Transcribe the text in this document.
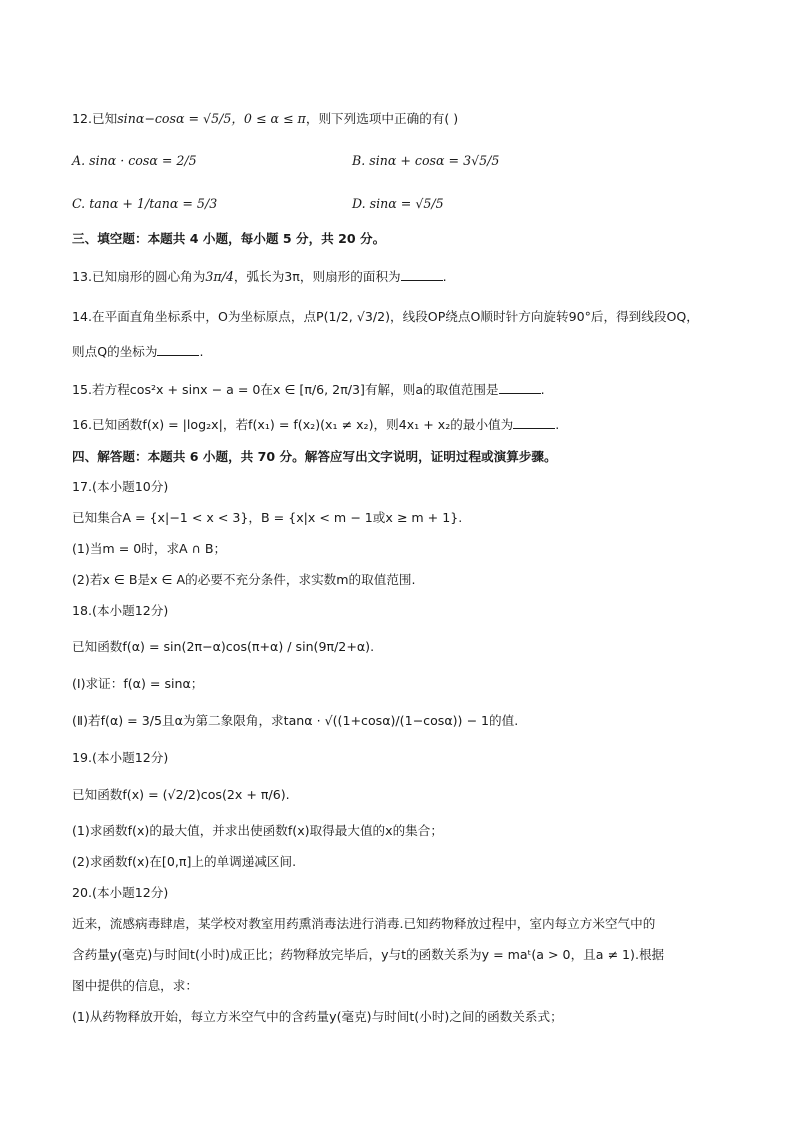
12.已知sinα−cosα = √5/5，0 ≤ α ≤ π，则下列选项中正确的有( )
A. sinα · cosα = 2/5	B. sinα + cosα = 3√5/5
C. tanα + 1/tanα = 5/3	D. sinα = √5/5
三、填空题：本题共 4 小题，每小题 5 分，共 20 分。
13.已知扇形的圆心角为3π/4，弧长为3π，则扇形的面积为	.
14.在平面直角坐标系中，O为坐标原点，点P(1/2, √3/2)，线段OP绕点O顺时针方向旋转90°后，得到线段OQ，
则点Q的坐标为	.
15.若方程cos²x + sinx − a = 0在x ∈ [π/6, 2π/3]有解，则a的取值范围是	.
16.已知函数f(x) = |log₂x|，若f(x₁) = f(x₂)(x₁ ≠ x₂)，则4x₁ + x₂的最小值为	.
四、解答题：本题共 6 小题，共 70 分。解答应写出文字说明，证明过程或演算步骤。
17.(本小题10分)
已知集合A = {x|−1 < x < 3}，B = {x|x < m − 1或x ≥ m + 1}.
(1)当m = 0时，求A ∩ B；
(2)若x ∈ B是x ∈ A的必要不充分条件，求实数m的取值范围.
18.(本小题12分)
已知函数f(α) = sin(2π−α)cos(π+α) / sin(9π/2+α).
(Ⅰ)求证：f(α) = sinα；
(Ⅱ)若f(α) = 3/5且α为第二象限角，求tanα · √((1+cosα)/(1−cosα)) − 1的值.
19.(本小题12分)
已知函数f(x) = (√2/2)cos(2x + π/6).
(1)求函数f(x)的最大值，并求出使函数f(x)取得最大值的x的集合；
(2)求函数f(x)在[0,π]上的单调递减区间.
20.(本小题12分)
近来，流感病毒肆虐，某学校对教室用药熏消毒法进行消毒.已知药物释放过程中，室内每立方米空气中的
含药量y(毫克)与时间t(小时)成正比；药物释放完毕后，y与t的函数关系为y = maᵗ(a > 0，且a ≠ 1).根据
图中提供的信息，求：
(1)从药物释放开始，每立方米空气中的含药量y(毫克)与时间t(小时)之间的函数关系式；
